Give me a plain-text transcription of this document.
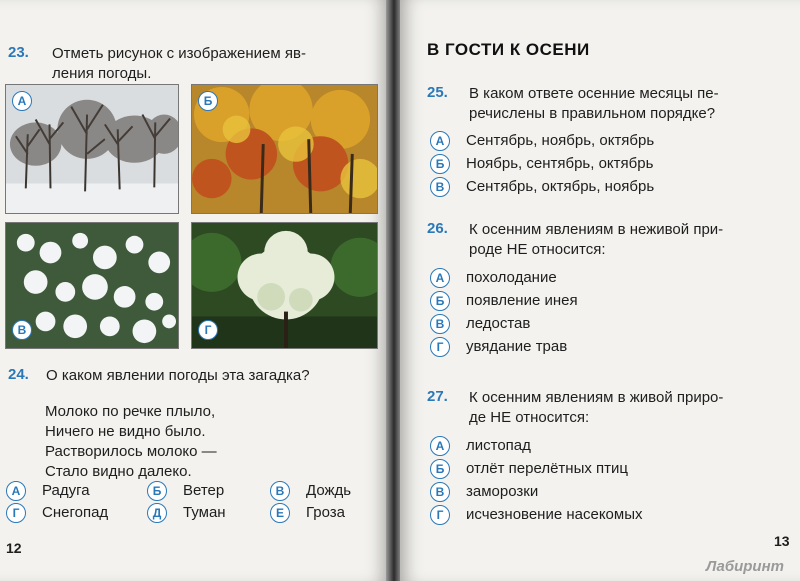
23. Отметь рисунок с изображением яв-
ления погоды.
А	Б
В	Г
24. О каком явлении погоды эта загадка?
Молоко по речке плыло,
Ничего не видно было.
Растворилось молоко —
Стало видно далеко.
А	Радуга	Б	Ветер	В	Дождь
Г	Снегопад	Д	Туман	Е	Гроза
12
В ГОСТИ К ОСЕНИ
25. В каком ответе осенние месяцы пе-
речислены в правильном порядке?
А	Сентябрь, ноябрь, октябрь
Б	Ноябрь, сентябрь, октябрь
В	Сентябрь, октябрь, ноябрь
26. К осенним явлениям в неживой при-
роде НЕ относится:
А	похолодание
Б	появление инея
В	ледостав
Г	увядание трав
27. К осенним явлениям в живой приро-
де НЕ относится:
А	листопад
Б	отлёт перелётных птиц
В	заморозки
Г	исчезновение насекомых
13
Лабиринт
